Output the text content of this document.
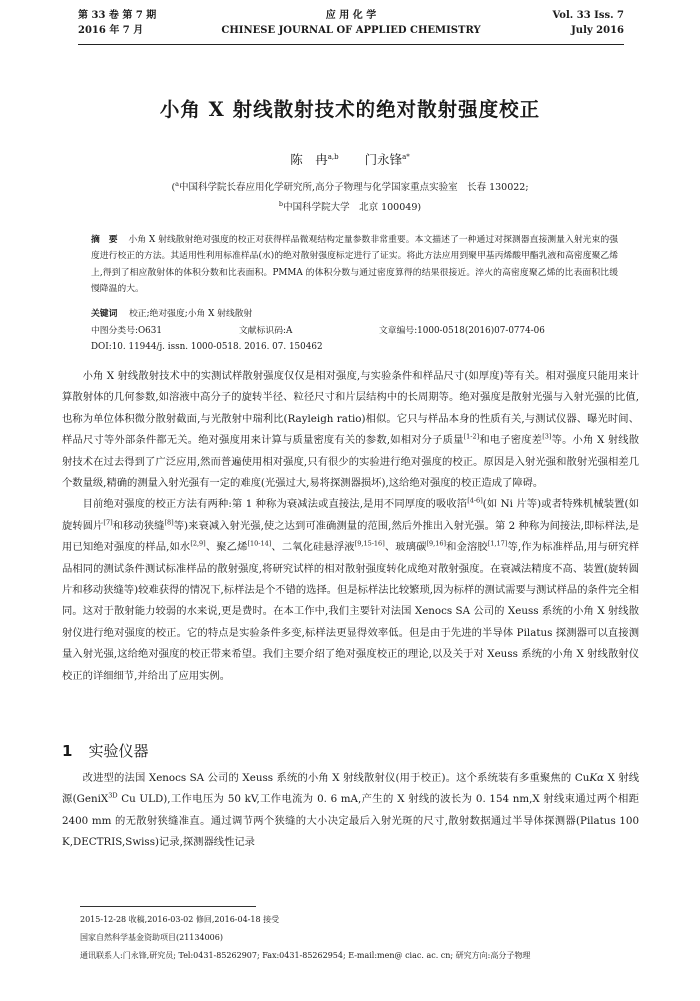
第 33 卷 第 7 期
2016 年 7 月
应 用 化 学
CHINESE JOURNAL OF APPLIED CHEMISTRY
Vol. 33 Iss. 7
July 2016
小角 X 射线散射技术的绝对散射强度校正
陈　冉$^{a,b}$ 门永锋$^{a*}$
($^a$中国科学院长春应用化学研究所,高分子物理与化学国家重点实验室　长春 130022;
$^b$中国科学院大学　北京 100049)
摘　要 小角 X 射线散射绝对强度的校正对获得样品微观结构定量参数非常重要。本文描述了一种通过对探测器直接测量入射光束的强度进行校正的方法。其适用性利用标准样品(水)的绝对散射强度标定进行了证实。将此方法应用到聚甲基丙烯酸甲酯乳液和高密度聚乙烯上,得到了相应散射体的体积分数和比表面积。PMMA 的体积分数与通过密度算得的结果很接近。淬火的高密度聚乙烯的比表面积比缓慢降温的大。
关键词 校正;绝对强度;小角 X 射线散射
中图分类号:O631	文献标识码:A	文章编号:1000-0518(2016)07-0774-06
DOI:10. 11944/j. issn. 1000-0518. 2016. 07. 150462

小角 X 射线散射技术中的实测试样散射强度仅仅是相对强度,与实验条件和样品尺寸(如厚度)等有关。相对强度只能用来计算散射体的几何参数,如溶液中高分子的旋转半径、粒径尺寸和片层结构中的长周期等。绝对强度是散射光强与入射光强的比值,也称为单位体积微分散射截面,与光散射中瑞利比(Rayleigh ratio)相似。它只与样品本身的性质有关,与测试仪器、曝光时间、样品尺寸等外部条件都无关。绝对强度用来计算与质量密度有关的参数,如相对分子质量[1-2]和电子密度差[3]等。小角 X 射线散射技术在过去得到了广泛应用,然而普遍使用相对强度,只有很少的实验进行绝对强度的校正。原因是入射光强和散射光强相差几个数量级,精确的测量入射光强有一定的难度(光强过大,易将探测器损坏),这给绝对强度的校正造成了障碍。

目前绝对强度的校正方法有两种:第 1 种称为衰减法或直接法,是用不同厚度的吸收箔[4-6](如 Ni 片等)或者特殊机械装置(如旋转圆片[7]和移动狭缝[8]等)来衰减入射光强,使之达到可准确测量的范围,然后外推出入射光强。第 2 种称为间接法,即标样法,是用已知绝对强度的样品,如水[2,9]、聚乙烯[10-14]、二氧化硅悬浮液[9,15-16]、玻璃碳[9,16]和金溶胶[1,17]等,作为标准样品,用与研究样品相同的测试条件测试标准样品的散射强度,将研究试样的相对散射强度转化成绝对散射强度。在衰减法精度不高、装置(旋转圆片和移动狭缝等)较难获得的情况下,标样法是个不错的选择。但是标样法比较繁琐,因为标样的测试需要与测试样品的条件完全相同。这对于散射能力较弱的水来说,更是费时。在本工作中,我们主要针对法国 Xenocs SA 公司的 Xeuss 系统的小角 X 射线散射仪进行绝对强度的校正。它的特点是实验条件多变,标样法更显得效率低。但是由于先进的半导体 Pilatus 探测器可以直接测量入射光强,这给绝对强度的校正带来希望。我们主要介绍了绝对强度校正的理论,以及关于对 Xeuss 系统的小角 X 射线散射仪校正的详细细节,并给出了应用实例。

1 实验仪器

改进型的法国 Xenocs SA 公司的 Xeuss 系统的小角 X 射线散射仪(用于校正)。这个系统装有多重聚焦的 CuKα X 射线源(GeniX$^{3D}$ Cu ULD),工作电压为 50 kV,工作电流为 0. 6 mA,产生的 X 射线的波长为 0. 154 nm,X 射线束通过两个相距 2400 mm 的无散射狭缝准直。通过调节两个狭缝的大小决定最后入射光斑的尺寸,散射数据通过半导体探测器(Pilatus 100 K,DECTRIS,Swiss)记录,探测器线性记录

2015-12-28 收稿,2016-03-02 修回,2016-04-18 接受
国家自然科学基金资助项目(21134006)
通讯联系人:门永锋,研究员; Tel:0431-85262907; Fax:0431-85262954; E-mail:men@ ciac. ac. cn; 研究方向:高分子物理
